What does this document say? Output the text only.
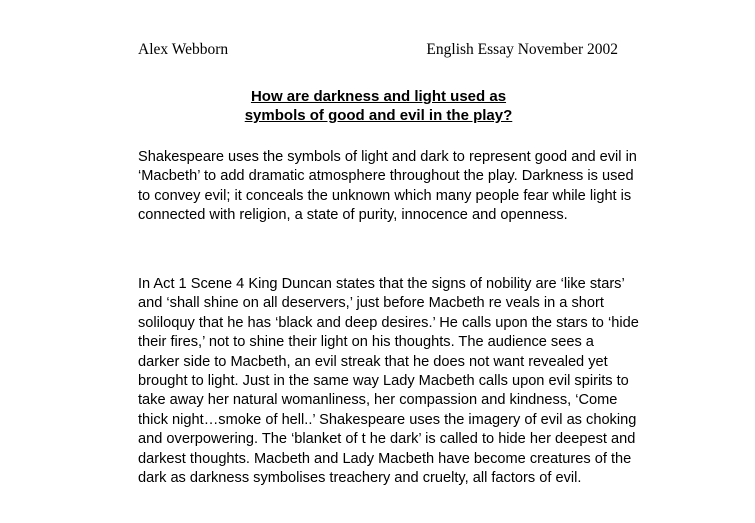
Alex Webborn	English Essay November 2002
How are darkness and light used as
symbols of good and evil in the play?
Shakespeare uses the symbols of light and dark to represent good and evil in
‘Macbeth’ to add dramatic atmosphere throughout the play. Darkness is used
to convey evil; it conceals the unknown which many people fear while light is
connected with religion, a state of purity, innocence and openness.
In Act 1 Scene 4 King Duncan states that the signs of nobility are ‘like stars’
and ‘shall shine on all deservers,’ just before Macbeth re veals in a short
soliloquy that he has ‘black and deep desires.’ He calls upon the stars to ‘hide
their fires,’ not to shine their light on his thoughts. The audience sees a
darker side to Macbeth, an evil streak that he does not want revealed yet
brought to light. Just in the same way Lady Macbeth calls upon evil spirits to
take away her natural womanliness, her compassion and kindness, ‘Come
thick night…smoke of hell..’ Shakespeare uses the imagery of evil as choking
and overpowering. The ‘blanket of t he dark’ is called to hide her deepest and
darkest thoughts. Macbeth and Lady Macbeth have become creatures of the
dark as darkness symbolises treachery and cruelty, all factors of evil.
